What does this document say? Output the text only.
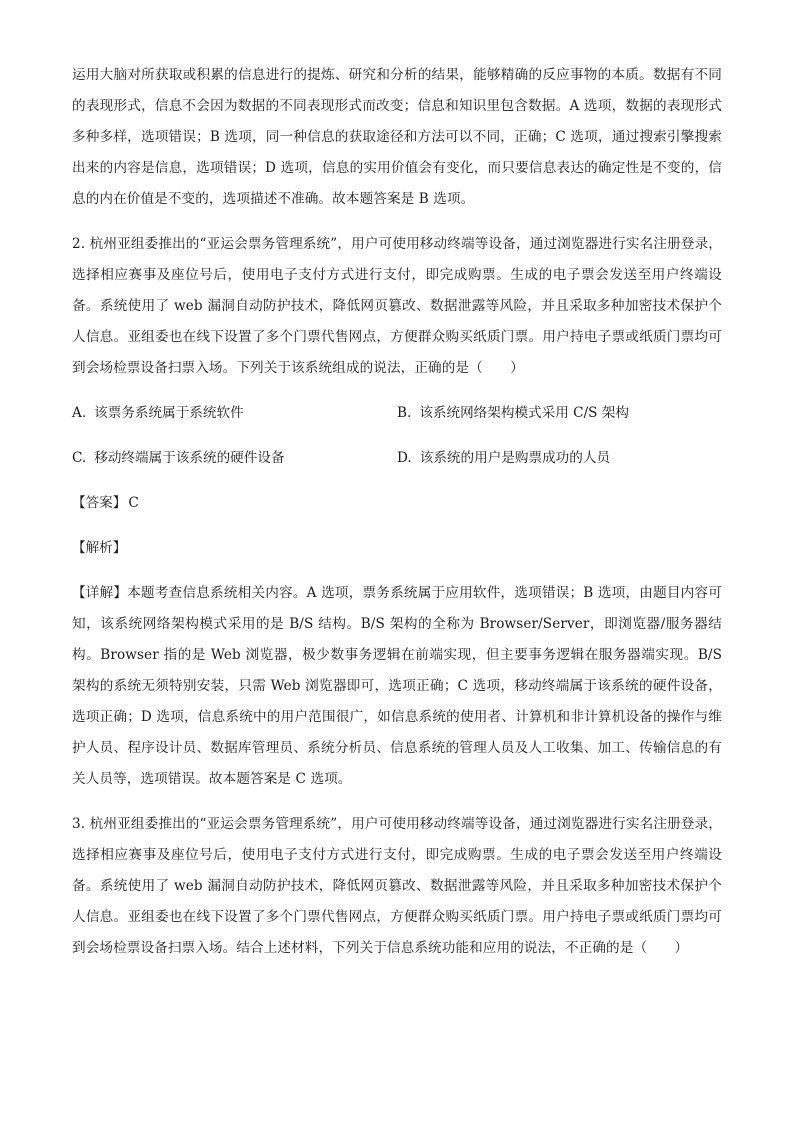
运用大脑对所获取或积累的信息进行的提炼、研究和分析的结果，能够精确的反应事物的本质。数据有不同的表现形式，信息不会因为数据的不同表现形式而改变；信息和知识里包含数据。A 选项，数据的表现形式多种多样，选项错误；B 选项，同一种信息的获取途径和方法可以不同，正确；C 选项，通过搜索引擎搜索出来的内容是信息，选项错误；D 选项，信息的实用价值会有变化，而只要信息表达的确定性是不变的，信息的内在价值是不变的，选项描述不准确。故本题答案是 B 选项。

2. 杭州亚组委推出的“亚运会票务管理系统”，用户可使用移动终端等设备，通过浏览器进行实名注册登录，选择相应赛事及座位号后，使用电子支付方式进行支付，即完成购票。生成的电子票会发送至用户终端设备。系统使用了 web 漏洞自动防护技术，降低网页篡改、数据泄露等风险，并且采取多种加密技术保护个人信息。亚组委也在线下设置了多个门票代售网点，方便群众购买纸质门票。用户持电子票或纸质门票均可到会场检票设备扫票入场。下列关于该系统组成的说法，正确的是（　　）

A. 该票务系统属于系统软件	B. 该系统网络架构模式采用 C/S 架构
C. 移动终端属于该系统的硬件设备	D. 该系统的用户是购票成功的人员
【答案】 C
【解析】

【详解】本题考查信息系统相关内容。A 选项，票务系统属于应用软件，选项错误；B 选项，由题目内容可知，该系统网络架构模式采用的是 B/S 结构。B/S 架构的全称为 Browser/Server，即浏览器/服务器结构。Browser 指的是 Web 浏览器，极少数事务逻辑在前端实现，但主要事务逻辑在服务器端实现。B/S 架构的系统无须特别安装，只需 Web 浏览器即可，选项正确；C 选项，移动终端属于该系统的硬件设备，选项正确；D 选项，信息系统中的用户范围很广，如信息系统的使用者、计算机和非计算机设备的操作与维护人员、程序设计员、数据库管理员、系统分析员、信息系统的管理人员及人工收集、加工、传输信息的有关人员等，选项错误。故本题答案是 C 选项。

3. 杭州亚组委推出的“亚运会票务管理系统”，用户可使用移动终端等设备，通过浏览器进行实名注册登录，选择相应赛事及座位号后，使用电子支付方式进行支付，即完成购票。生成的电子票会发送至用户终端设备。系统使用了 web 漏洞自动防护技术，降低网页篡改、数据泄露等风险，并且采取多种加密技术保护个人信息。亚组委也在线下设置了多个门票代售网点，方便群众购买纸质门票。用户持电子票或纸质门票均可到会场检票设备扫票入场。结合上述材料，下列关于信息系统功能和应用的说法，不正确的是（　　）
